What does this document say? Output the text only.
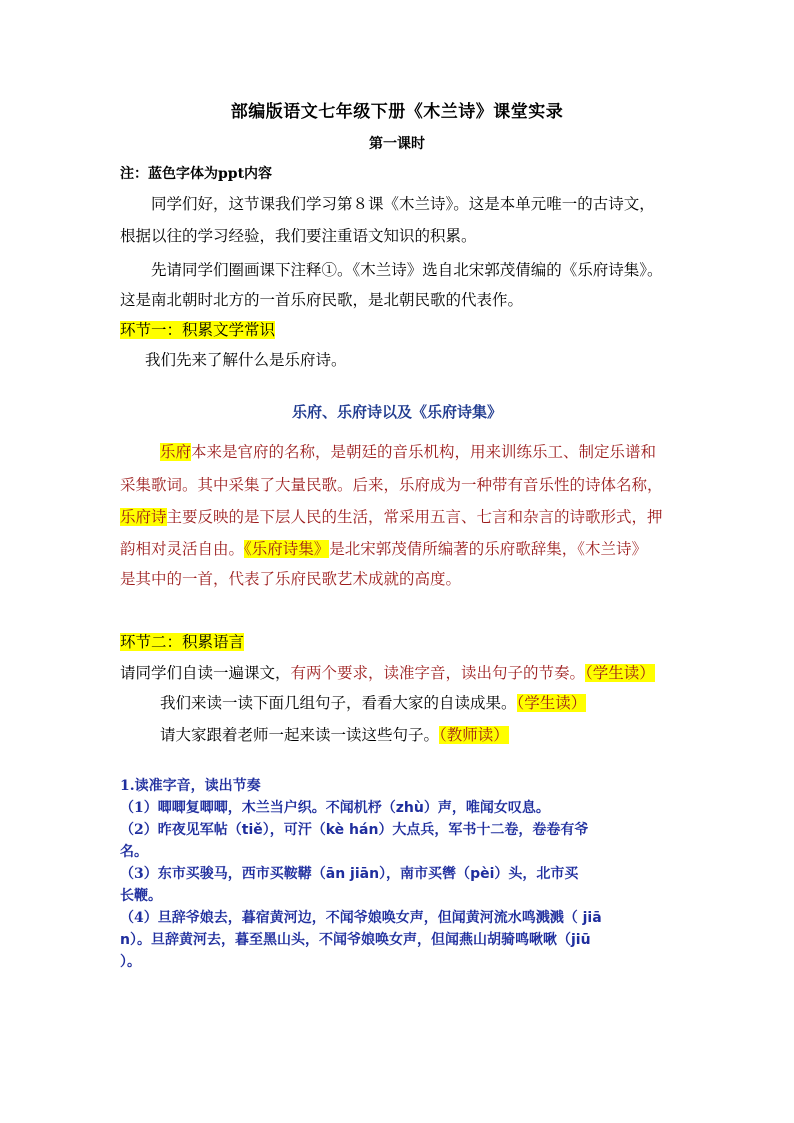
部编版语文七年级下册《木兰诗》课堂实录
第一课时
注：蓝色字体为ppt内容
同学们好，这节课我们学习第８课《木兰诗》。这是本单元唯一的古诗文，
根据以往的学习经验，我们要注重语文知识的积累。
先请同学们圈画课下注释①。《木兰诗》选自北宋郭茂倩编的《乐府诗集》。
这是南北朝时北方的一首乐府民歌，是北朝民歌的代表作。
环节一：积累文学常识
我们先来了解什么是乐府诗。
乐府、乐府诗以及《乐府诗集》
乐府本来是官府的名称，是朝廷的音乐机构，用来训练乐工、制定乐谱和
采集歌词。其中采集了大量民歌。后来，乐府成为一种带有音乐性的诗体名称，
乐府诗主要反映的是下层人民的生活，常采用五言、七言和杂言的诗歌形式，押
韵相对灵活自由。《乐府诗集》是北宋郭茂倩所编著的乐府歌辞集，《木兰诗》
是其中的一首，代表了乐府民歌艺术成就的高度。
环节二：积累语言
请同学们自读一遍课文，有两个要求，读准字音，读出句子的节奏。（学生读）
我们来读一读下面几组句子，看看大家的自读成果。（学生读）
请大家跟着老师一起来读一读这些句子。（教师读）
1.读准字音，读出节奏
（1）唧唧复唧唧，木兰当户织。不闻机杼（zhù）声，唯闻女叹息。
（2）昨夜见军帖（tiě），可汗（kè hán）大点兵，军书十二卷，卷卷有爷
名。
（3）东市买骏马，西市买鞍鞯（ān jiān），南市买辔（pèi）头，北市买
长鞭。
（4）旦辞爷娘去，暮宿黄河边，不闻爷娘唤女声，但闻黄河流水鸣溅溅（ jiā
n）。旦辞黄河去，暮至黑山头，不闻爷娘唤女声，但闻燕山胡骑鸣啾啾（jiū
）。
